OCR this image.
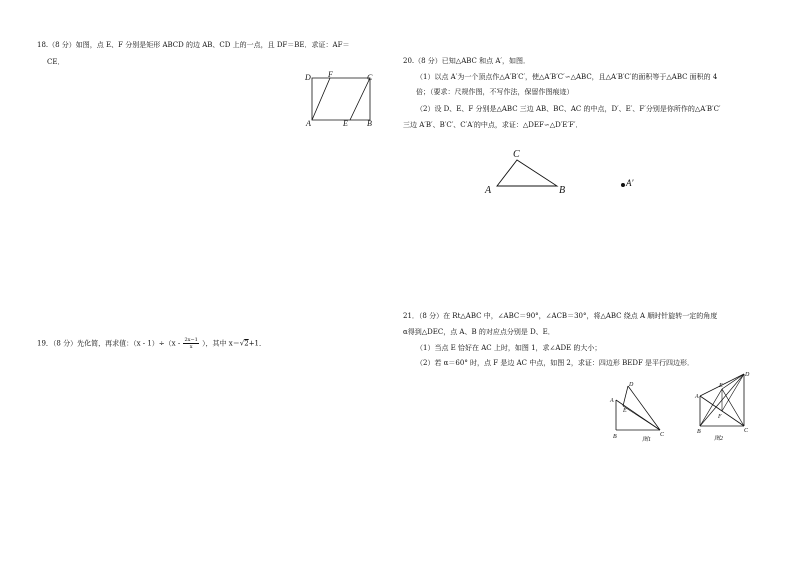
18.（8 分）如图，点 E、F 分别是矩形 ABCD 的边 AB、CD 上的一点，且 DF＝BE．求证：AF＝
CE．
D F	C
A	E B
19．（8 分）先化简，再求值：$(x - 1)\div(x - \frac{2x-1}{x}$ ），其中 x＝√2+1．
20.（8 分）已知△ABC 和点 A′，如图．
（1）以点 A′为一个顶点作△A′B′C′，使△A′B′C′∽△ABC，且△A′B′C′的面积等于△ABC 面积的 4
倍；（要求：尺规作图，不写作法，保留作图痕迹）
（2）设 D、E、F 分别是△ABC 三边 AB、BC、AC 的中点，D′、E′、F′分别是你所作的△A′B′C′
三边 A′B′、B′C′、C′A′的中点，求证：△DEF∽△D′E′F′．
C
A	B
A′
21．（8 分）在 Rt△ABC 中，∠ABC＝90°，∠ACB＝30°，将△ABC 绕点 A 顺时针旋转一定的角度
α得到△DEC，点 A、B 的对应点分别是 D、E．
（1）当点 E 恰好在 AC 上时，如图 1，求∠ADE 的大小；
（2）若 α＝60° 时，点 F 是边 AC 中点，如图 2，求证：四边形 BEDF 是平行四边形．
A
D
E
B	C
图1
A
D
E
F
B	C
图2
